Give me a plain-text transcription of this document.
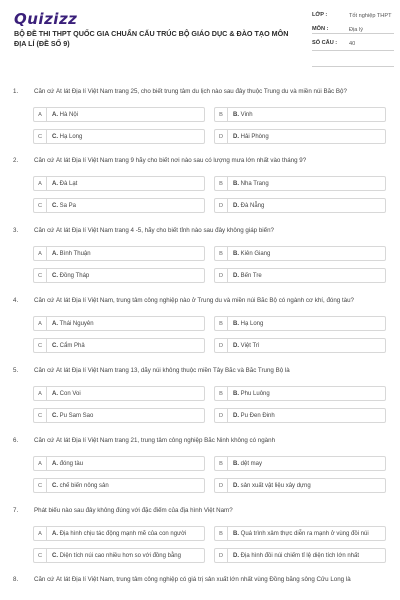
Quizizz
BỘ ĐỀ THI THPT QUỐC GIA CHUẨN CẤU TRÚC BỘ GIÁO DỤC & ĐÀO TẠO MÔN ĐỊA LÍ (ĐỀ SỐ 9)
LỚP :	Tốt nghiệp THPT
MÔN :	Địa lý
SỐ CÂU :	40
1.	Căn cứ Át lát Địa lí Việt Nam trang 25, cho biết trung tâm du lịch nào sau đây thuộc Trung du và miền núi Bắc Bộ?
A	A. Hà Nội	B	B. Vinh
C	C. Hạ Long	D	D. Hải Phòng
2.	Căn cứ Át lát Địa lí Việt Nam trang 9 hãy cho biết nơi nào sau có lượng mưa lớn nhất vào tháng 9?
A	A. Đà Lạt	B	B. Nha Trang
C	C. Sa Pa	D	D. Đà Nẵng
3.	Căn cứ Át lát Địa lí Việt Nam trang 4 -5, hãy cho biết tỉnh nào sau đây không giáp biển?
A	A. Bình Thuận	B	B. Kiên Giang
C	C. Đồng Tháp	D	D. Bến Tre
4.	Căn cứ Át lát Địa lí Việt Nam, trung tâm công nghiệp nào ở Trung du và miền núi Bắc Bộ có ngành cơ khí, đóng tàu?
A	A. Thái Nguyên	B	B. Hạ Long
C	C. Cẩm Phả	D	D. Việt Trì
5.	Căn cứ Át lát Địa lí Việt Nam trang 13, dãy núi không thuộc miền Tây Bắc và Bắc Trung Bộ là
A	A. Con Voi	B	B. Phu Luông
C	C. Pu Sam Sao	D	D. Pu Đen Đinh
6.	Căn cứ Át lát Địa lí Việt Nam trang 21, trung tâm công nghiệp Bắc Ninh không có ngành
A	A. đóng tàu	B	B. dệt may
C	C. chế biến nông sản	D	D. sản xuất vật liệu xây dựng
7.	Phát biểu nào sau đây không đúng với đặc điểm của địa hình Việt Nam?
A	A. Địa hình chịu tác động mạnh mẽ của con người	B	B. Quá trình xâm thực diễn ra mạnh ở vùng đồi núi
C	C. Diện tích núi cao nhiều hơn so với đồng bằng	D	D. Địa hình đồi núi chiếm tỉ lệ diện tích lớn nhất
8.	Căn cứ Át lát Địa lí Việt Nam, trung tâm công nghiệp có giá trị sản xuất lớn nhất vùng Đồng bằng sông Cửu Long là
